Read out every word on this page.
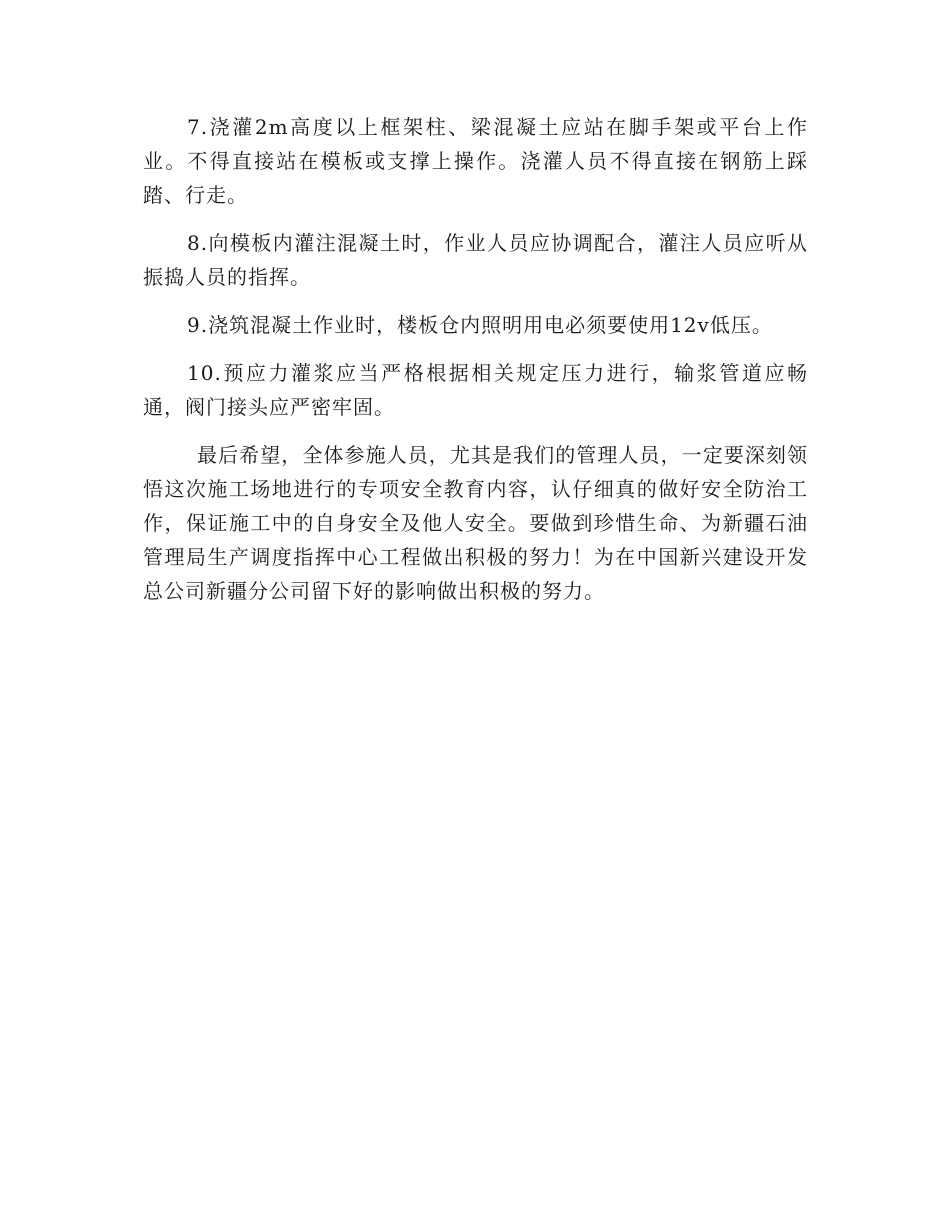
7.浇灌2m高度以上框架柱、梁混凝土应站在脚手架或平台上作业。不得直接站在模板或支撑上操作。浇灌人员不得直接在钢筋上踩踏、行走。

8.向模板内灌注混凝土时，作业人员应协调配合，灌注人员应听从振捣人员的指挥。

9.浇筑混凝土作业时，楼板仓内照明用电必须要使用12v低压。

10.预应力灌浆应当严格根据相关规定压力进行，输浆管道应畅通，阀门接头应严密牢固。

最后希望，全体参施人员，尤其是我们的管理人员，一定要深刻领悟这次施工场地进行的专项安全教育内容，认仔细真的做好安全防治工作，保证施工中的自身安全及他人安全。要做到珍惜生命、为新疆石油管理局生产调度指挥中心工程做出积极的努力！为在中国新兴建设开发总公司新疆分公司留下好的影响做出积极的努力。
